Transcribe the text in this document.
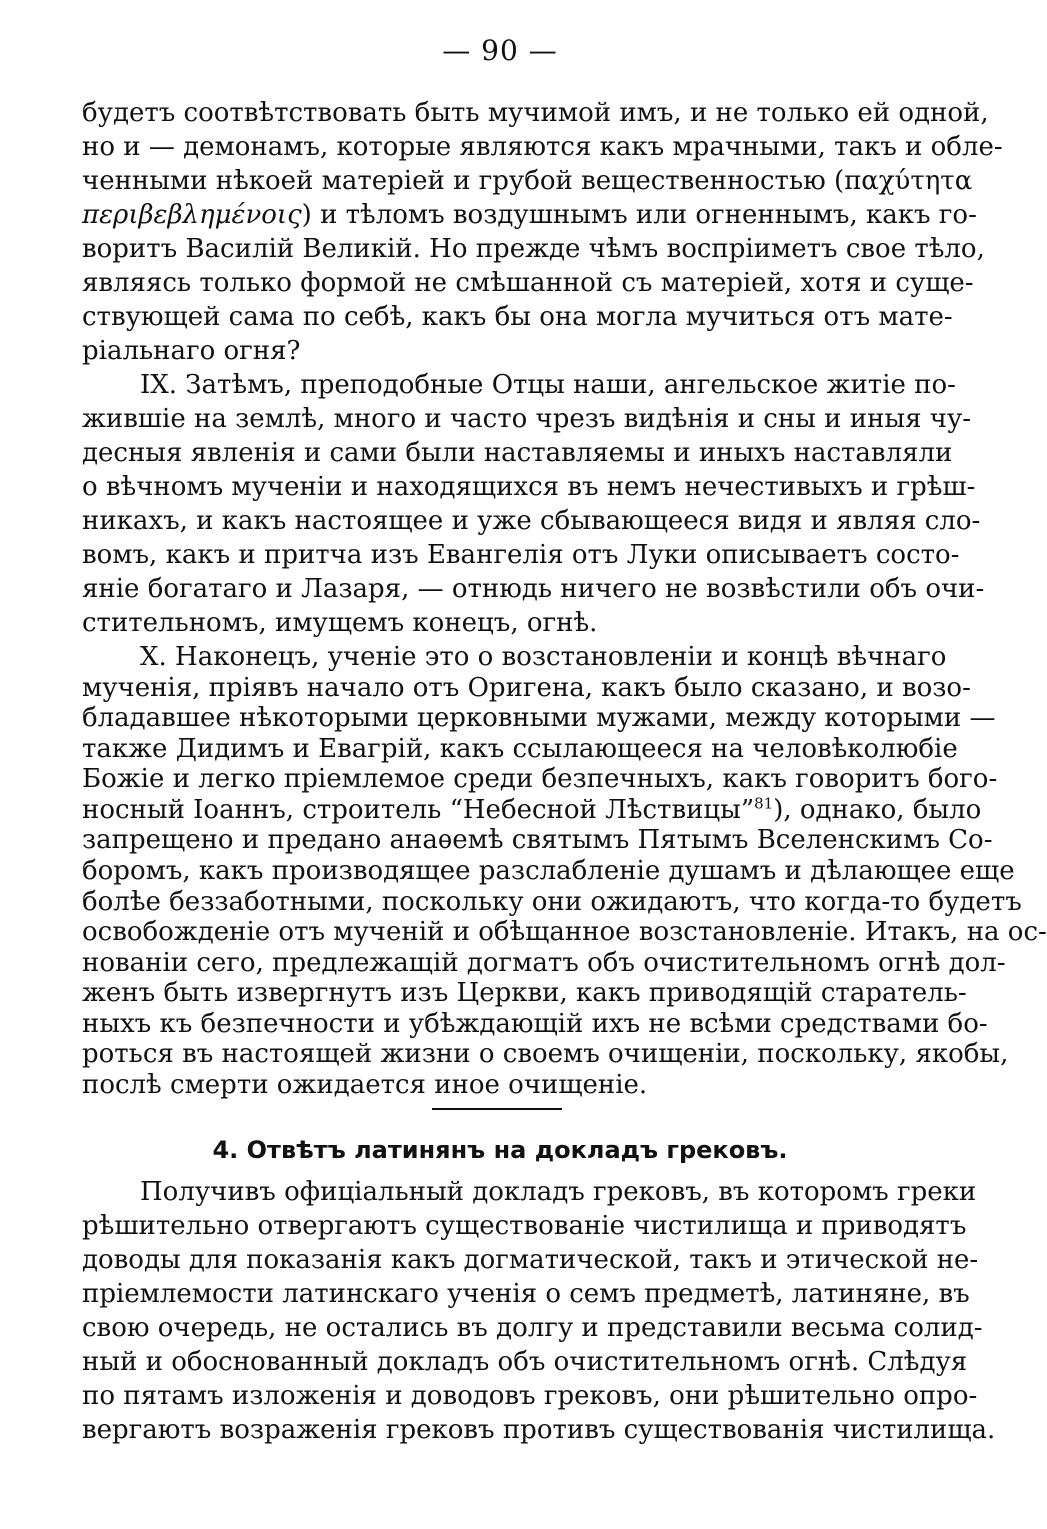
— 90 —
будетъ соотвѣтствовать быть мучимой имъ, и не только ей одной,
но и — демонамъ, которые являются какъ мрачными, такъ и обле-
ченными нѣкоей матеріей и грубой вещественностью (παχύτητα
περιβεβλημένοις) и тѣломъ воздушнымъ или огненнымъ, какъ го-
воритъ Василій Великій. Но прежде чѣмъ воспріиметъ свое тѣло,
являясь только формой не смѣшанной съ матеріей, хотя и суще-
ствующей сама по себѣ, какъ бы она могла мучиться отъ мате-
ріальнаго огня?
IX. Затѣмъ, преподобные Отцы наши, ангельское житіе по-
жившіе на землѣ, много и часто чрезъ видѣнія и сны и иныя чу-
десныя явленія и сами были наставляемы и иныхъ наставляли
о вѣчномъ мученіи и находящихся въ немъ нечестивыхъ и грѣш-
никахъ, и какъ настоящее и уже сбывающееся видя и являя сло-
вомъ, какъ и притча изъ Евангелія отъ Луки описываетъ состо-
яніе богатаго и Лазаря, — отнюдь ничего не возвѣстили объ очи-
стительномъ, имущемъ конецъ, огнѣ.
X. Наконецъ, ученіе это о возстановленіи и концѣ вѣчнаго
мученія, пріявъ начало отъ Оригена, какъ было сказано, и возо-
бладавшее нѣкоторыми церковными мужами, между которыми —
также Дидимъ и Евагрій, какъ ссылающееся на человѣколюбіе
Божіе и легко пріемлемое среди безпечныхъ, какъ говоритъ бого-
носный Іоаннъ, строитель “Небесной Лѣствицы”$^{81}$), однако, было
запрещено и предано анаѳемѣ святымъ Пятымъ Вселенскимъ Со-
боромъ, какъ производящее разслабленіе душамъ и дѣлающее еще
болѣе беззаботными, поскольку они ожидаютъ, что когда-то будетъ
освобожденіе отъ мученій и обѣщанное возстановленіе. Итакъ, на ос-
нованіи сего, предлежащій догматъ объ очистительномъ огнѣ дол-
женъ быть извергнутъ изъ Церкви, какъ приводящій старатель-
ныхъ къ безпечности и убѣждающій ихъ не всѣми средствами бо-
роться въ настоящей жизни о своемъ очищеніи, поскольку, якобы,
послѣ смерти ожидается иное очищеніе.
4. Отвѣтъ латинянъ на докладъ грековъ.
Получивъ офиціальный докладъ грековъ, въ которомъ греки
рѣшительно отвергаютъ существованіе чистилища и приводятъ
доводы для показанія какъ догматической, такъ и этической не-
пріемлемости латинскаго ученія о семъ предметѣ, латиняне, въ
свою очередь, не остались въ долгу и представили весьма солид-
ный и обоснованный докладъ объ очистительномъ огнѣ. Слѣдуя
по пятамъ изложенія и доводовъ грековъ, они рѣшительно опро-
вергаютъ возраженія грековъ противъ существованія чистилища.
